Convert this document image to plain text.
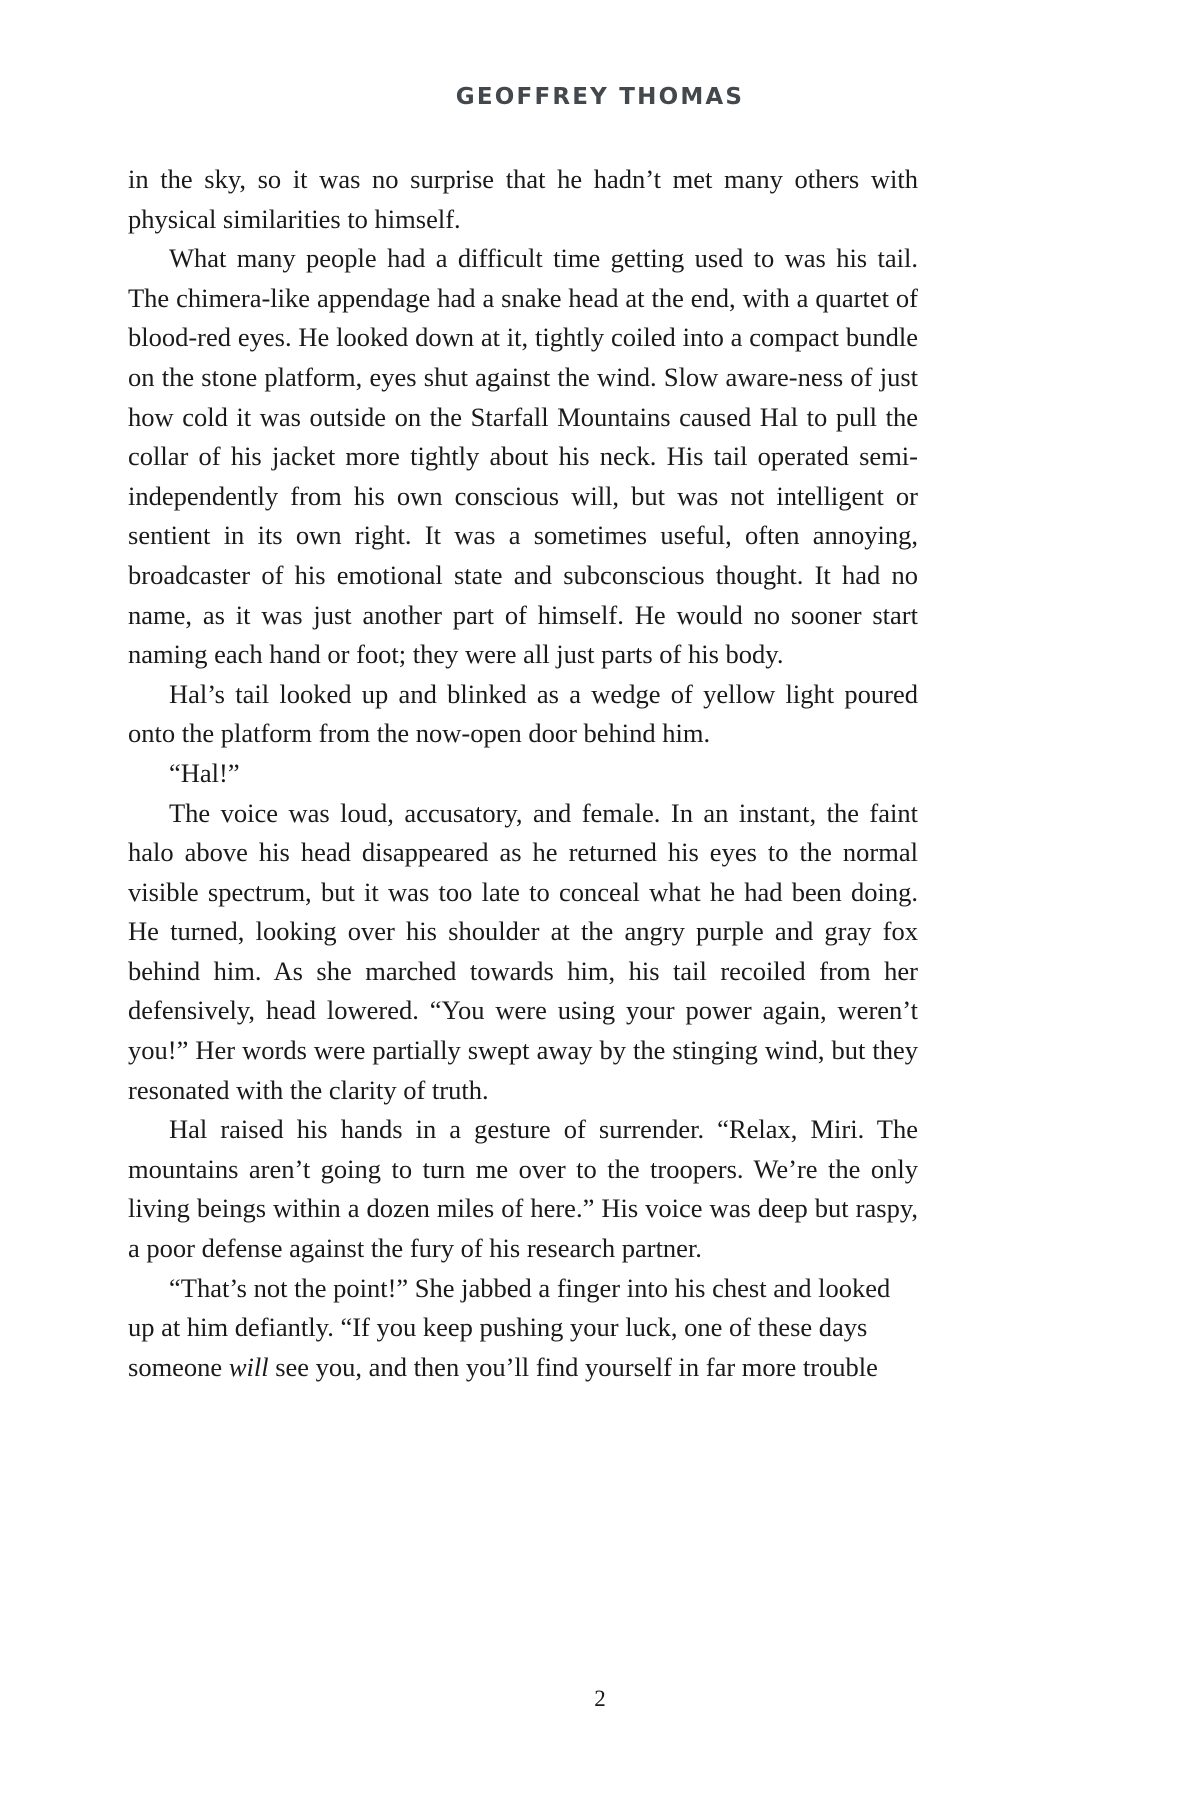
GEOFFREY THOMAS

in the sky, so it was no surprise that he hadn’t met many others with physical similarities to himself.

What many people had a difficult time getting used to was his tail. The chimera-like appendage had a snake head at the end, with a quartet of blood-red eyes. He looked down at it, tightly coiled into a compact bundle on the stone platform, eyes shut against the wind. Slow aware-ness of just how cold it was outside on the Starfall Mountains caused Hal to pull the collar of his jacket more tightly about his neck. His tail operated semi-independently from his own conscious will, but was not intelligent or sentient in its own right. It was a sometimes useful, often annoying, broadcaster of his emotional state and subconscious thought. It had no name, as it was just another part of himself. He would no sooner start naming each hand or foot; they were all just parts of his body.

Hal’s tail looked up and blinked as a wedge of yellow light poured onto the platform from the now-open door behind him.

“Hal!”

The voice was loud, accusatory, and female. In an instant, the faint halo above his head disappeared as he returned his eyes to the normal visible spectrum, but it was too late to conceal what he had been doing. He turned, looking over his shoulder at the angry purple and gray fox behind him. As she marched towards him, his tail recoiled from her defensively, head lowered. “You were using your power again, weren’t you!” Her words were partially swept away by the stinging wind, but they resonated with the clarity of truth.

Hal raised his hands in a gesture of surrender. “Relax, Miri. The mountains aren’t going to turn me over to the troopers. We’re the only living beings within a dozen miles of here.” His voice was deep but raspy, a poor defense against the fury of his research partner.

“That’s not the point!” She jabbed a finger into his chest and looked up at him defiantly. “If you keep pushing your luck, one of these days someone will see you, and then you’ll find yourself in far more trouble

2
